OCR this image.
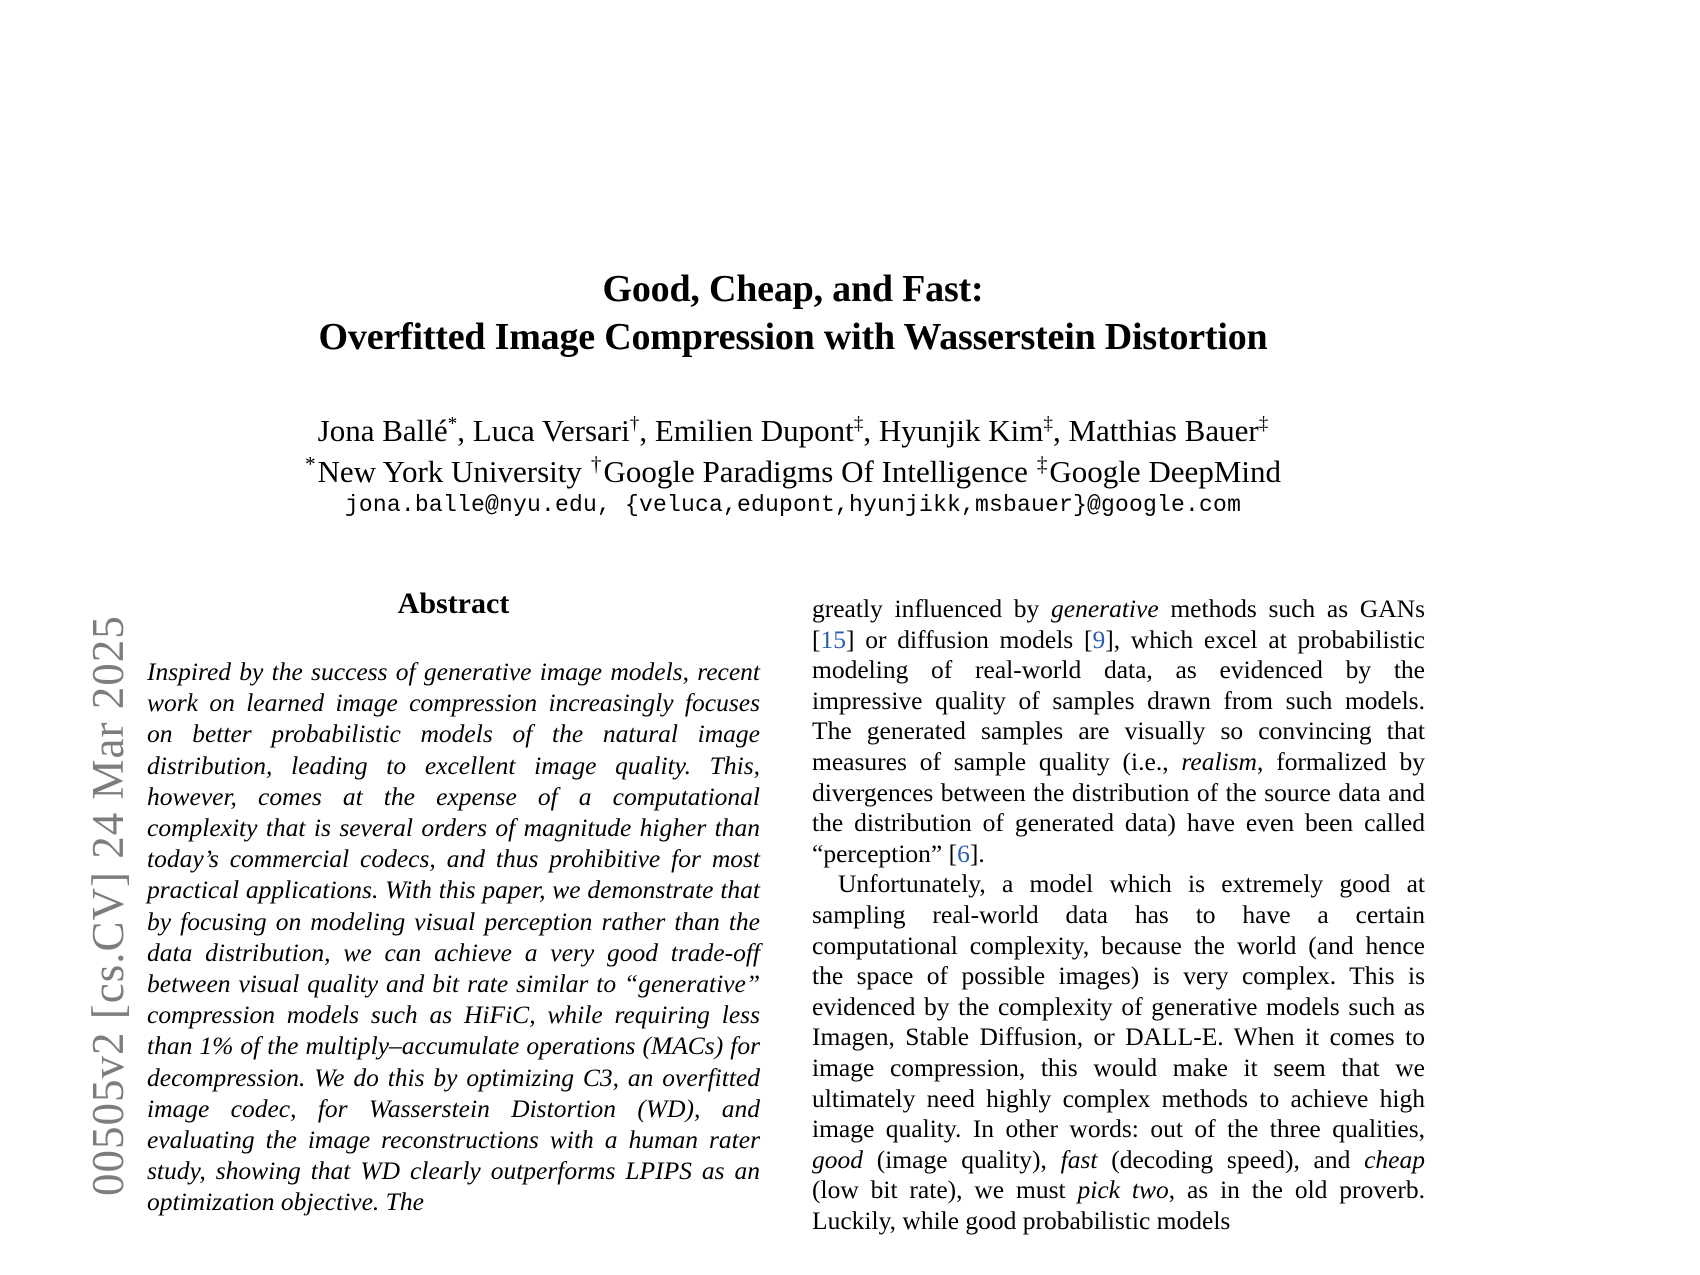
00505v2 [cs.CV] 24 Mar 2025
Good, Cheap, and Fast:
Overfitted Image Compression with Wasserstein Distortion
Jona Ballé*, Luca Versari†, Emilien Dupont‡, Hyunjik Kim‡, Matthias Bauer‡
*New York University †Google Paradigms Of Intelligence ‡Google DeepMind
jona.balle@nyu.edu, {veluca,edupont,hyunjikk,msbauer}@google.com
Abstract

Inspired by the success of generative image models, recent work on learned image compression increasingly focuses on better probabilistic models of the natural image distribution, leading to excellent image quality. This, however, comes at the expense of a computational complexity that is several orders of magnitude higher than today’s commercial codecs, and thus prohibitive for most practical applications. With this paper, we demonstrate that by focusing on modeling visual perception rather than the data distribution, we can achieve a very good trade-off between visual quality and bit rate similar to “generative” compression models such as HiFiC, while requiring less than 1% of the multiply–accumulate operations (MACs) for decompression. We do this by optimizing C3, an overfitted image codec, for Wasserstein Distortion (WD), and evaluating the image reconstructions with a human rater study, showing that WD clearly outperforms LPIPS as an optimization objective. The

greatly influenced by generative methods such as GANs [15] or diffusion models [9], which excel at probabilistic modeling of real-world data, as evidenced by the impressive quality of samples drawn from such models. The generated samples are visually so convincing that measures of sample quality (i.e., realism, formalized by divergences between the distribution of the source data and the distribution of generated data) have even been called “perception” [6].

Unfortunately, a model which is extremely good at sampling real-world data has to have a certain computational complexity, because the world (and hence the space of possible images) is very complex. This is evidenced by the complexity of generative models such as Imagen, Stable Diffusion, or DALL-E. When it comes to image compression, this would make it seem that we ultimately need highly complex methods to achieve high image quality. In other words: out of the three qualities, good (image quality), fast (decoding speed), and cheap (low bit rate), we must pick two, as in the old proverb. Luckily, while good probabilistic models
